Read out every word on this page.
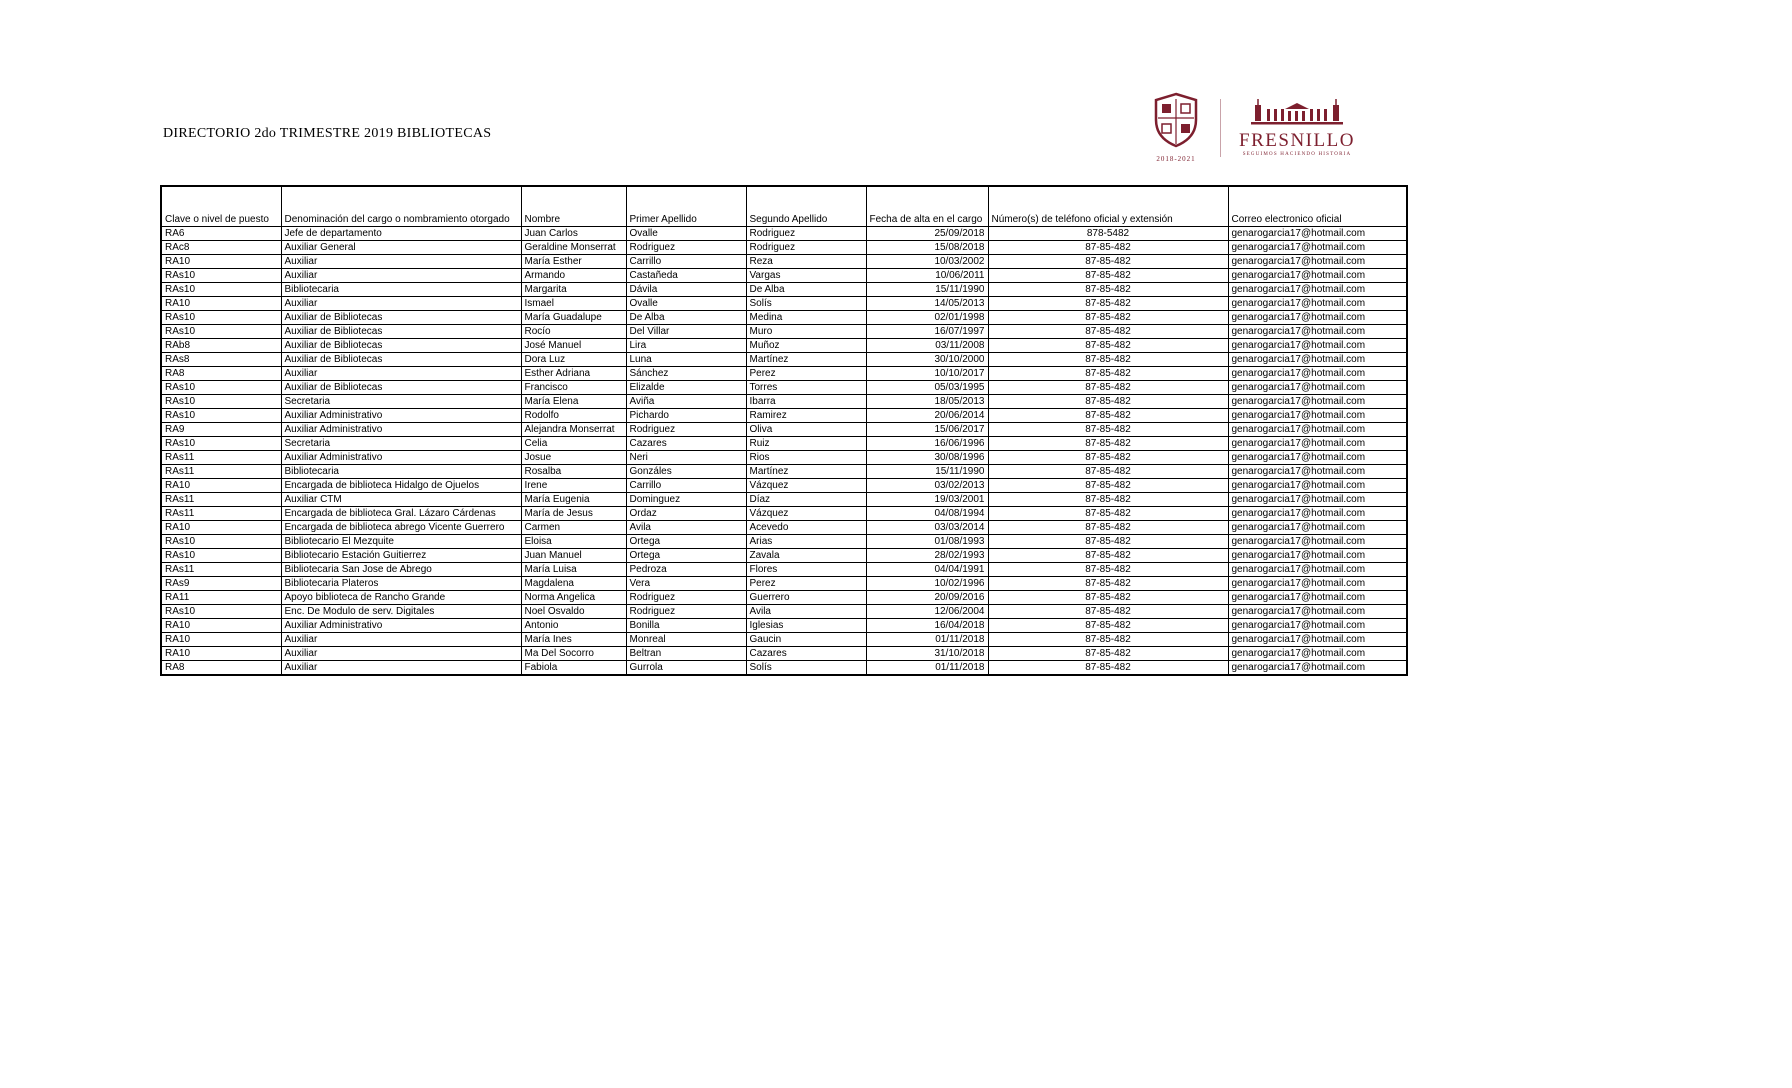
DIRECTORIO 2do TRIMESTRE 2019 BIBLIOTECAS
2018-2021
FRESNILLO
SEGUIMOS HACIENDO HISTORIA
Clave o nivel de puesto	Denominación del cargo o nombramiento otorgado	Nombre	Primer Apellido	Segundo Apellido	Fecha de alta en el cargo	Número(s) de teléfono oficial y extensión	Correo electronico oficial
RA6	Jefe de departamento	Juan Carlos	Ovalle	Rodriguez	25/09/2018	878-5482	genarogarcia17@hotmail.com
RAc8	Auxiliar General	Geraldine Monserrat	Rodriguez	Rodriguez	15/08/2018	87-85-482	genarogarcia17@hotmail.com
RA10	Auxiliar	María Esther	Carrillo	Reza	10/03/2002	87-85-482	genarogarcia17@hotmail.com
RAs10	Auxiliar	Armando	Castañeda	Vargas	10/06/2011	87-85-482	genarogarcia17@hotmail.com
RAs10	Bibliotecaria	Margarita	Dávila	De Alba	15/11/1990	87-85-482	genarogarcia17@hotmail.com
RA10	Auxiliar	Ismael	Ovalle	Solís	14/05/2013	87-85-482	genarogarcia17@hotmail.com
RAs10	Auxiliar de Bibliotecas	María Guadalupe	De Alba	Medina	02/01/1998	87-85-482	genarogarcia17@hotmail.com
RAs10	Auxiliar de Bibliotecas	Rocío	Del Villar	Muro	16/07/1997	87-85-482	genarogarcia17@hotmail.com
RAb8	Auxiliar de Bibliotecas	José Manuel	Lira	Muñoz	03/11/2008	87-85-482	genarogarcia17@hotmail.com
RAs8	Auxiliar de Bibliotecas	Dora Luz	Luna	Martínez	30/10/2000	87-85-482	genarogarcia17@hotmail.com
RA8	Auxiliar	Esther Adriana	Sánchez	Perez	10/10/2017	87-85-482	genarogarcia17@hotmail.com
RAs10	Auxiliar de Bibliotecas	Francisco	Elizalde	Torres	05/03/1995	87-85-482	genarogarcia17@hotmail.com
RAs10	Secretaria	María Elena	Aviña	Ibarra	18/05/2013	87-85-482	genarogarcia17@hotmail.com
RAs10	Auxiliar Administrativo	Rodolfo	Pichardo	Ramirez	20/06/2014	87-85-482	genarogarcia17@hotmail.com
RA9	Auxiliar Administrativo	Alejandra Monserrat	Rodriguez	Oliva	15/06/2017	87-85-482	genarogarcia17@hotmail.com
RAs10	Secretaria	Celia	Cazares	Ruiz	16/06/1996	87-85-482	genarogarcia17@hotmail.com
RAs11	Auxiliar Administrativo	Josue	Neri	Rios	30/08/1996	87-85-482	genarogarcia17@hotmail.com
RAs11	Bibliotecaria	Rosalba	Gonzáles	Martínez	15/11/1990	87-85-482	genarogarcia17@hotmail.com
RA10	Encargada de biblioteca Hidalgo de Ojuelos	Irene	Carrillo	Vázquez	03/02/2013	87-85-482	genarogarcia17@hotmail.com
RAs11	Auxiliar CTM	María Eugenia	Dominguez	Díaz	19/03/2001	87-85-482	genarogarcia17@hotmail.com
RAs11	Encargada de biblioteca Gral. Lázaro Cárdenas	María de Jesus	Ordaz	Vázquez	04/08/1994	87-85-482	genarogarcia17@hotmail.com
RA10	Encargada de biblioteca abrego Vicente Guerrero	Carmen	Avila	Acevedo	03/03/2014	87-85-482	genarogarcia17@hotmail.com
RAs10	Bibliotecario El Mezquite	Eloisa	Ortega	Arias	01/08/1993	87-85-482	genarogarcia17@hotmail.com
RAs10	Bibliotecario Estación Guitierrez	Juan Manuel	Ortega	Zavala	28/02/1993	87-85-482	genarogarcia17@hotmail.com
RAs11	Bibliotecaria San Jose de Abrego	María Luisa	Pedroza	Flores	04/04/1991	87-85-482	genarogarcia17@hotmail.com
RAs9	Bibliotecaria Plateros	Magdalena	Vera	Perez	10/02/1996	87-85-482	genarogarcia17@hotmail.com
RA11	Apoyo biblioteca de Rancho Grande	Norma Angelica	Rodriguez	Guerrero	20/09/2016	87-85-482	genarogarcia17@hotmail.com
RAs10	Enc. De Modulo de serv. Digitales	Noel Osvaldo	Rodriguez	Avila	12/06/2004	87-85-482	genarogarcia17@hotmail.com
RA10	Auxiliar Administrativo	Antonio	Bonilla	Iglesias	16/04/2018	87-85-482	genarogarcia17@hotmail.com
RA10	Auxiliar	María Ines	Monreal	Gaucin	01/11/2018	87-85-482	genarogarcia17@hotmail.com
RA10	Auxiliar	Ma Del Socorro	Beltran	Cazares	31/10/2018	87-85-482	genarogarcia17@hotmail.com
RA8	Auxiliar	Fabiola	Gurrola	Solís	01/11/2018	87-85-482	genarogarcia17@hotmail.com
